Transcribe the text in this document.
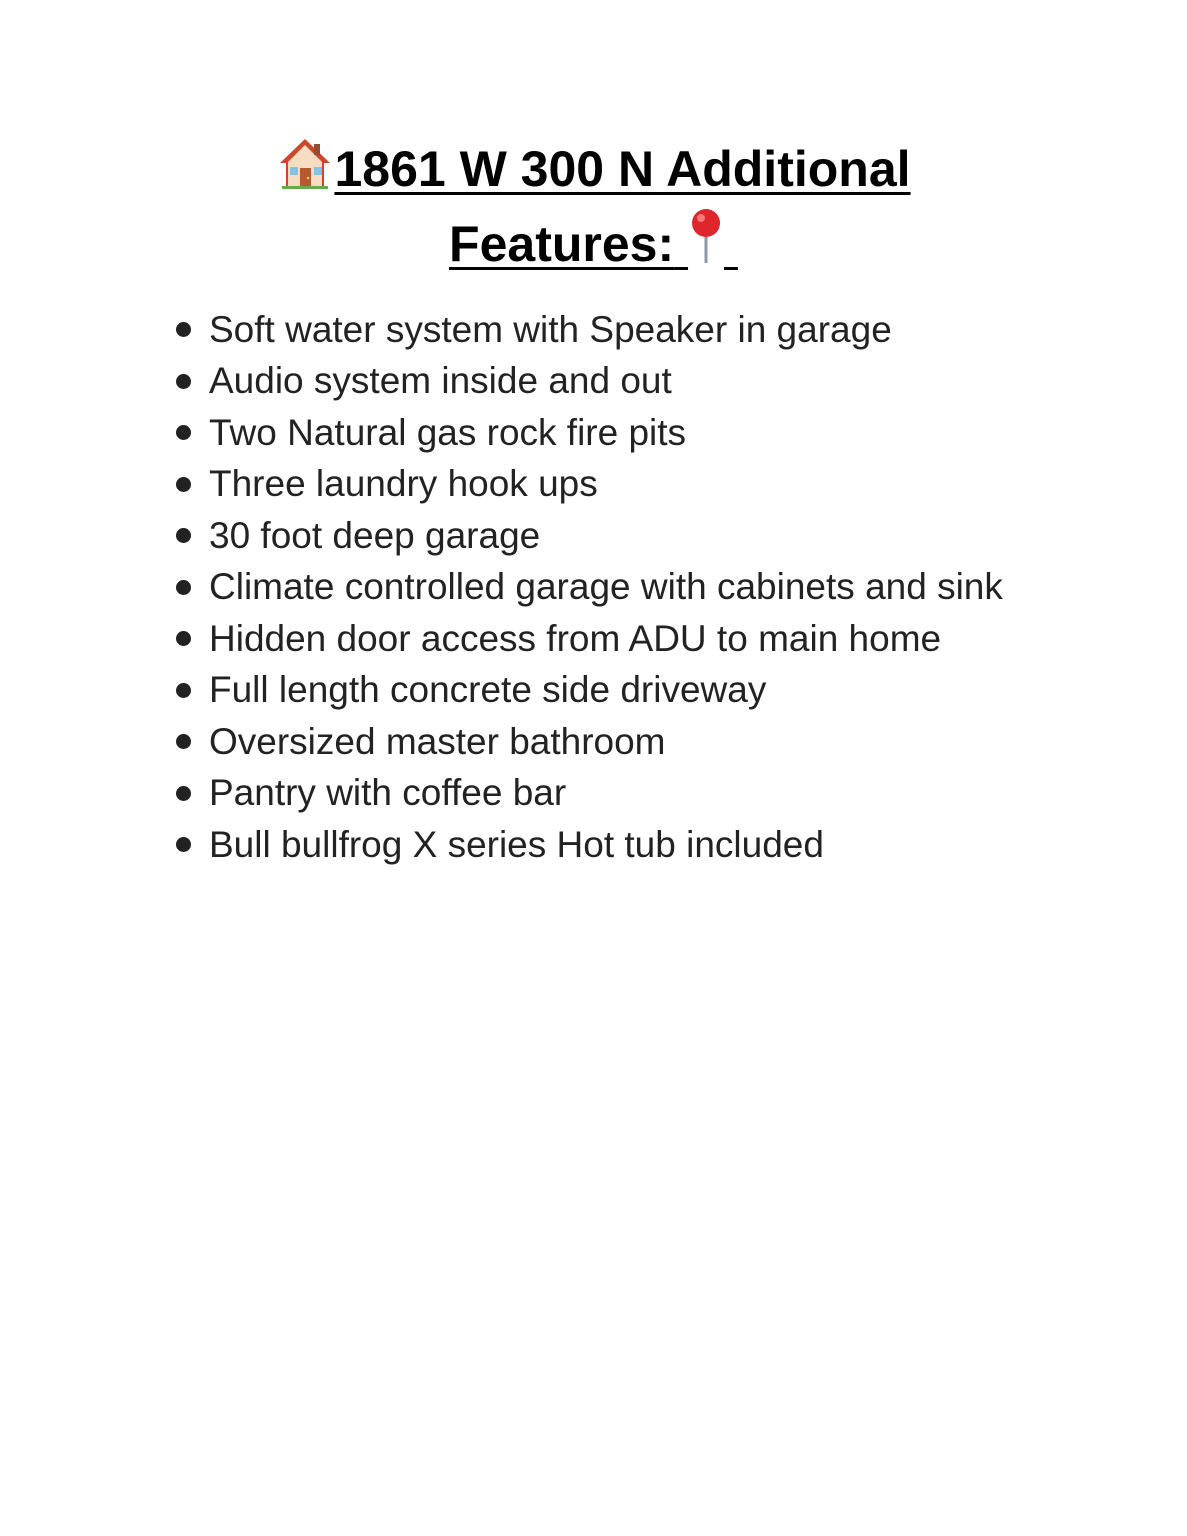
1861 W 300 N Additional
Features:
Soft water system with Speaker in garage
Audio system inside and out
Two Natural gas rock fire pits
Three laundry hook ups
30 foot deep garage
Climate controlled garage with cabinets and sink
Hidden door access from ADU to main home
Full length concrete side driveway
Oversized master bathroom
Pantry with coffee bar
Bull bullfrog X series Hot tub included
